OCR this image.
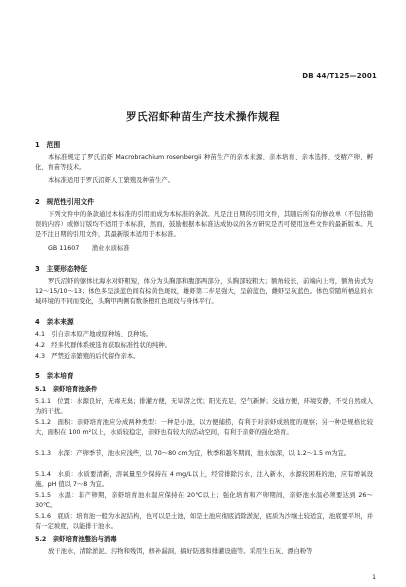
DB 44/T125—2001
罗氏沼虾种苗生产技术操作规程
1　范围
本标准规定了罗氏沼虾 Macrobrachium rosenbergii 种苗生产的亲本来源、亲本培育、亲本选择、受精产卵、孵化、育苗等技术。
本标准适用于罗氏沼虾人工繁殖及种苗生产。
2　规范性引用文件
下列文件中的条款通过本标准的引用而成为本标准的条款。凡是注日期的引用文件，其随后所有的修改单（不包括勘误的内容）或修订版均不适用于本标准，然而，鼓励根据本标准达成协议的各方研究是否可使用这些文件的最新版本。凡是不注日期的引用文件，其最新版本适用于本标准。
GB 11607　　渔业水质标准
3　主要形态特征
罗氏沼虾的躯体比海水对虾粗短，体分为头胸部和腹部两部分，头胸部较粗大；额角较长，前端向上弯，额角齿式为 12～15/10～13；体色多呈淡蓝色间有棕黄色斑纹，雄虾第二步足强大，呈蔚蓝色，雌虾呈灰蓝色。体色常随所栖息的水域环境的不同而变化，头胸甲两侧有数条橙红色斑纹与身体平行。
4　亲本来源
4.1　引自亲本原产地或原种场、良种场。
4.2　经多代群体系统选育获取标准性状的纯种。
4.3　严禁近亲繁殖的后代留作亲本。
5　亲本培育
5.1　亲虾培育池条件
5.1.1　位置：水源良好，无毒无臭；排灌方便，无旱涝之忧；阳光充足，空气新鲜；交通方便，环境安静，不受自然或人为的干扰。
5.1.2　面积：亲虾培育池应分成两种类型：一种是小池，以方便捕捞，有利于对亲虾成熟度的观察；另一种是规格比较大，面积在 100 m²以上，水质较稳定，亲虾也有较大的活动空间，有利于亲虾的强化培育。
5.1.3　水深：产卵季节，池水应浅些，以 70～80 cm为宜，秋季和越冬期间，池水加深，以 1.2～1.5 m为宜。
5.1.4　水质：水质要清新，溶氧量至少保持在 4 mg/L以上，经常排除污水，注入新水，水源较困难的池，应有增氧设施。pH 值以 7～8 为宜。
5.1.5　水温：非产卵期，亲虾培育池水温应保持在 20℃以上；强化培育和产卵期间，亲虾池水温必须要达到 26～30℃。
5.1.6　底质：培育池一般为水泥结构，也可以是土池，如是土池应彻底消除淤泥，底质为沙壤土较适宜，池底要平坦，并有一定坡度，以能排干池水。
5.2　亲虾培育池整治与消毒
放干池水，清除淤泥、污物和残饵，修补漏洞，搞好防逃和排灌设施等。采用生石灰、漂白粉等
1
